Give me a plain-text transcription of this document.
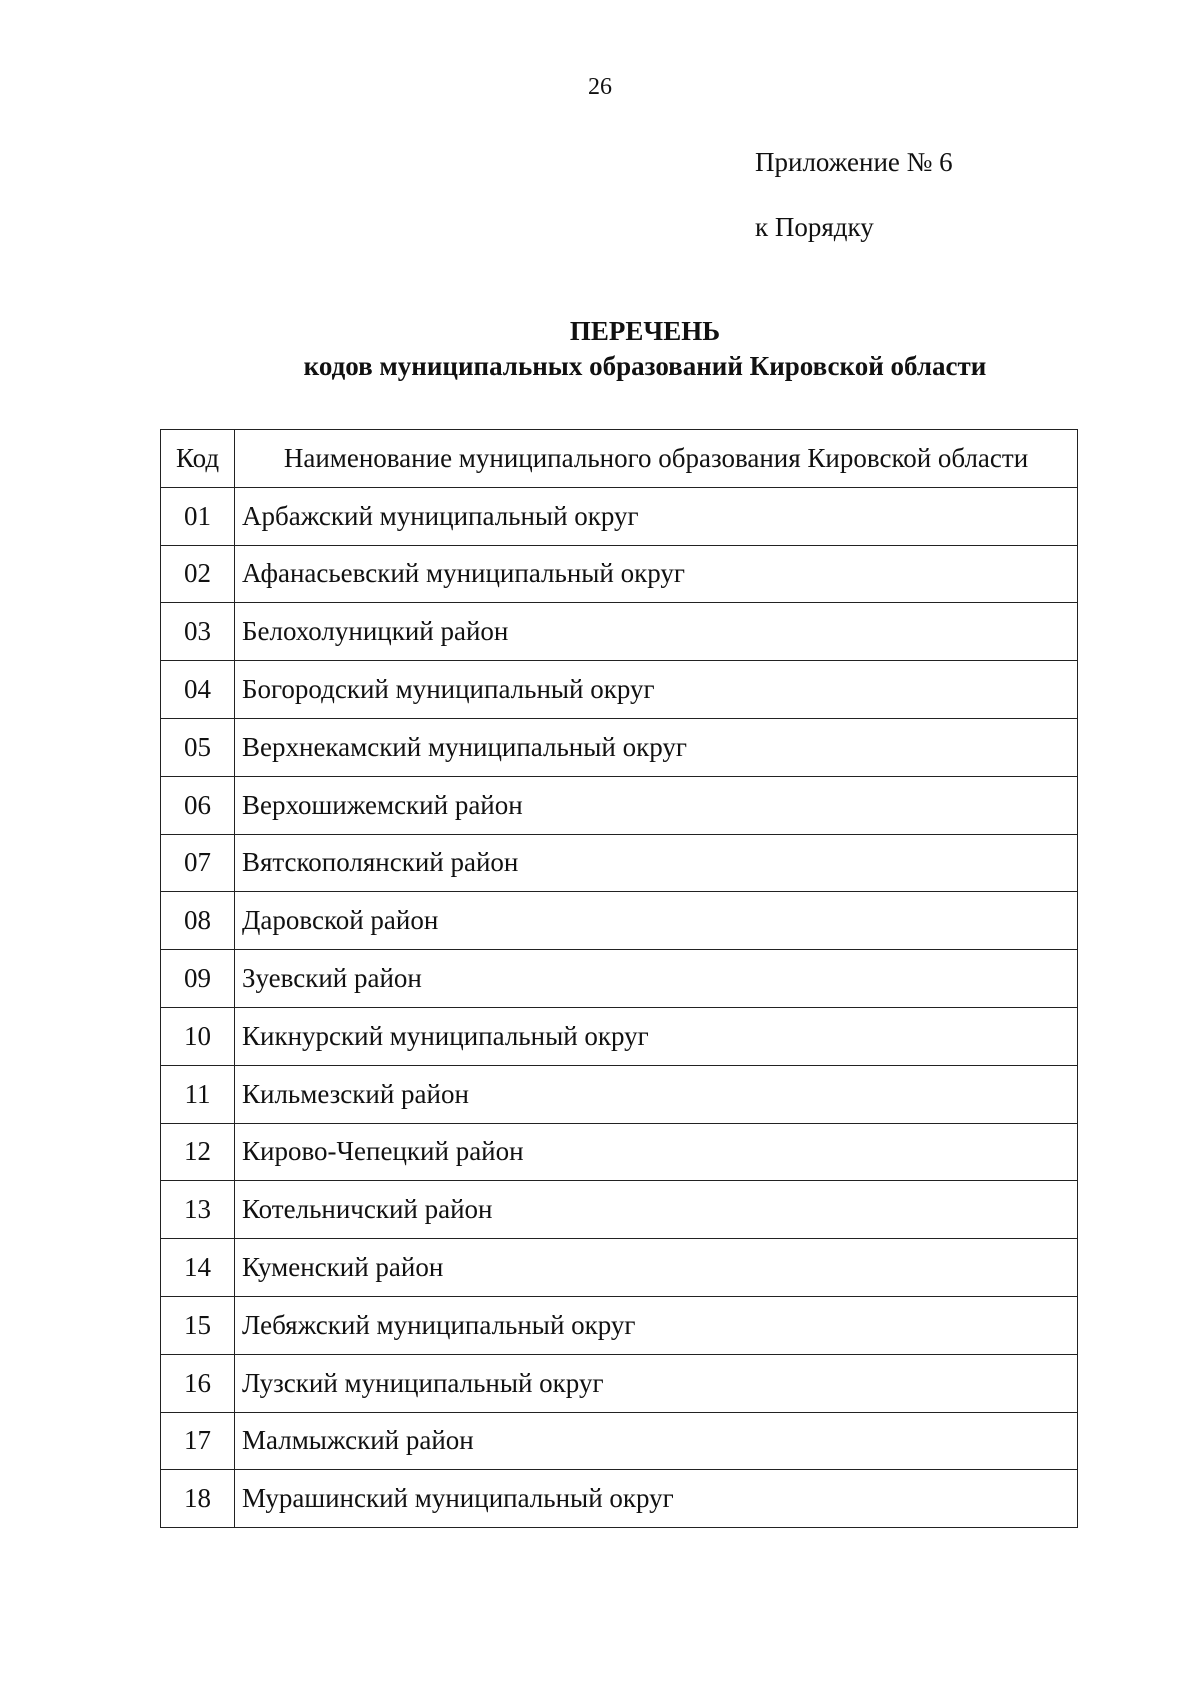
26
Приложение № 6
к Порядку
ПЕРЕЧЕНЬ
кодов муниципальных образований Кировской области
Код	Наименование муниципального образования Кировской области
01	Арбажский муниципальный округ
02	Афанасьевский муниципальный округ
03	Белохолуницкий район
04	Богородский муниципальный округ
05	Верхнекамский муниципальный округ
06	Верхошижемский район
07	Вятскополянский район
08	Даровской район
09	Зуевский район
10	Кикнурский муниципальный округ
11	Кильмезский район
12	Кирово-Чепецкий район
13	Котельничский район
14	Куменский район
15	Лебяжский муниципальный округ
16	Лузский муниципальный округ
17	Малмыжский район
18	Мурашинский муниципальный округ
